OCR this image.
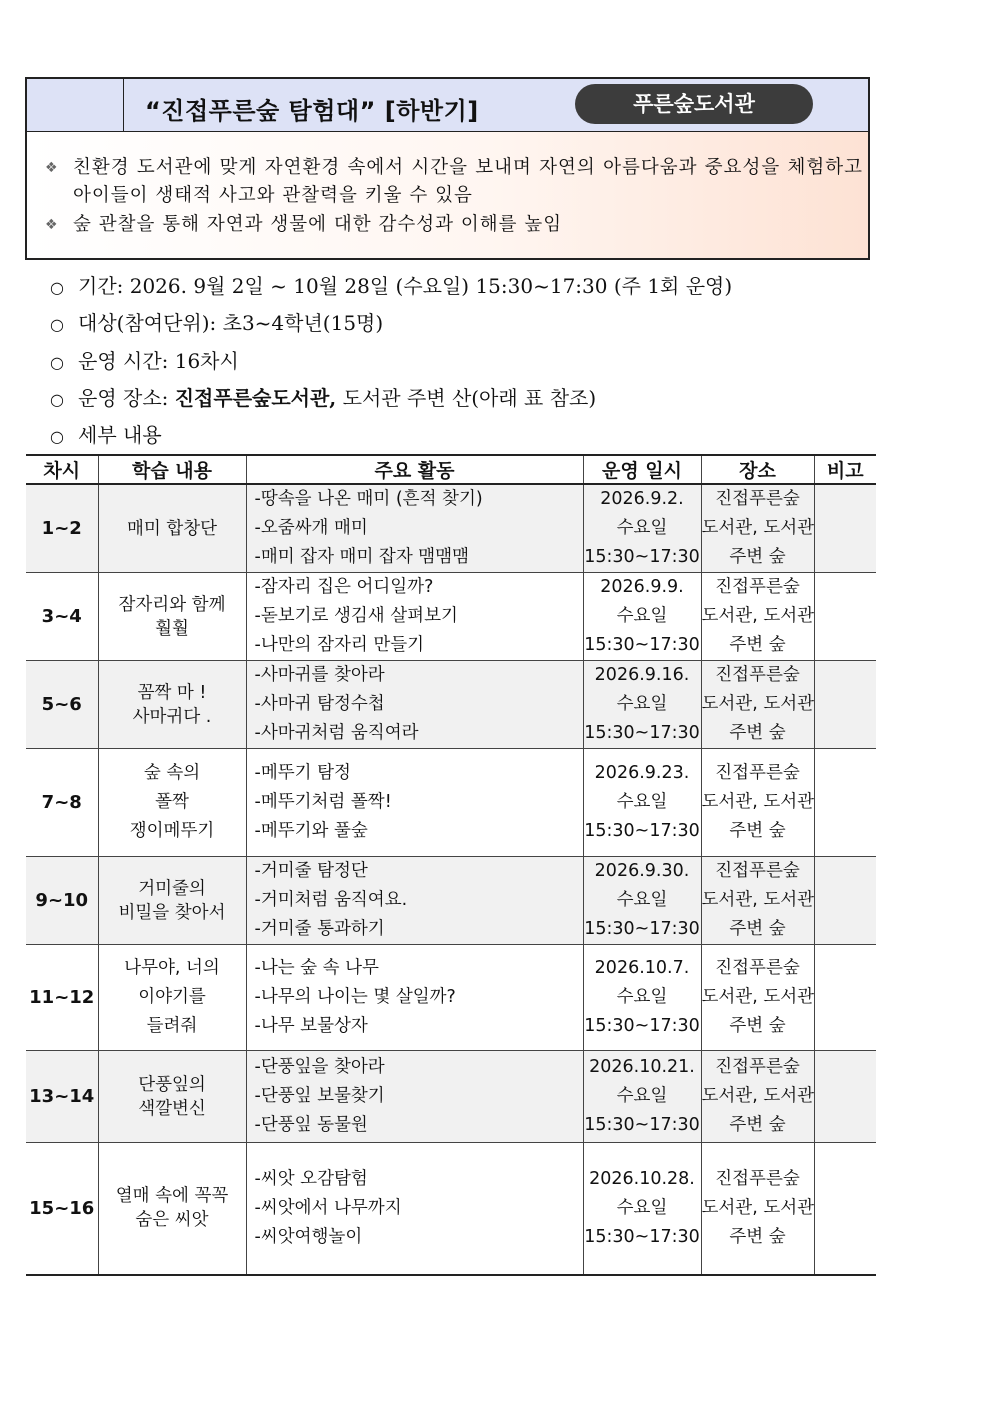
“진접푸른숲 탐험대” [하반기]	푸른숲도서관
❖ 친환경 도서관에 맞게 자연환경 속에서 시간을 보내며 자연의 아름다움과 중요성을 체험하고 아이들이 생태적 사고와 관찰력을 키울 수 있음
❖ 숲 관찰을 통해 자연과 생물에 대한 감수성과 이해를 높임
○ 기간: 2026. 9월 2일 ~ 10월 28일 (수요일) 15:30~17:30 (주 1회 운영)
○ 대상(참여단위): 초3~4학년(15명)
○ 운영 시간: 16차시
○ 운영 장소: 진접푸른숲도서관, 도서관 주변 산(아래 표 참조)
○ 세부 내용
차시	학습 내용	주요 활동	운영 일시	장소	비고
1~2	매미 합창단	-땅속을 나온 매미 (흔적 찾기)
-오줌싸개 매미
-매미 잡자 매미 잡자 맴맴맴	2026.9.2.
수요일
15:30~17:30	진접푸른숲
도서관, 도서관
주변 숲	

3~4	잠자리와 함께
훨훨	-잠자리 집은 어디일까?
-돋보기로 생김새 살펴보기
-나만의 잠자리 만들기	2026.9.9.
수요일
15:30~17:30	진접푸른숲
도서관, 도서관
주변 숲	

5~6	꼼짝 마 !
사마귀다 .	-사마귀를 찾아라
-사마귀 탐정수첩
-사마귀처럼 움직여라	2026.9.16.
수요일
15:30~17:30	진접푸른숲
도서관, 도서관
주변 숲	

7~8	숲 속의
폴짝
쟁이메뚜기	-메뚜기 탐정
-메뚜기처럼 폴짝!
-메뚜기와 풀숲	2026.9.23.
수요일
15:30~17:30	진접푸른숲
도서관, 도서관
주변 숲	

9~10	거미줄의
비밀을 찾아서	-거미줄 탐정단
-거미처럼 움직여요.
-거미줄 통과하기	2026.9.30.
수요일
15:30~17:30	진접푸른숲
도서관, 도서관
주변 숲	

11~12	나무야, 너의
이야기를
들려줘	-나는 숲 속 나무
-나무의 나이는 몇 살일까?
-나무 보물상자	2026.10.7.
수요일
15:30~17:30	진접푸른숲
도서관, 도서관
주변 숲	

13~14	단풍잎의
색깔변신	-단풍잎을 찾아라
-단풍잎 보물찾기
-단풍잎 동물원	2026.10.21.
수요일
15:30~17:30	진접푸른숲
도서관, 도서관
주변 숲	

15~16	열매 속에 꼭꼭
숨은 씨앗	-씨앗 오감탐험
-씨앗에서 나무까지
-씨앗여행놀이	2026.10.28.
수요일
15:30~17:30	진접푸른숲
도서관, 도서관
주변 숲	
